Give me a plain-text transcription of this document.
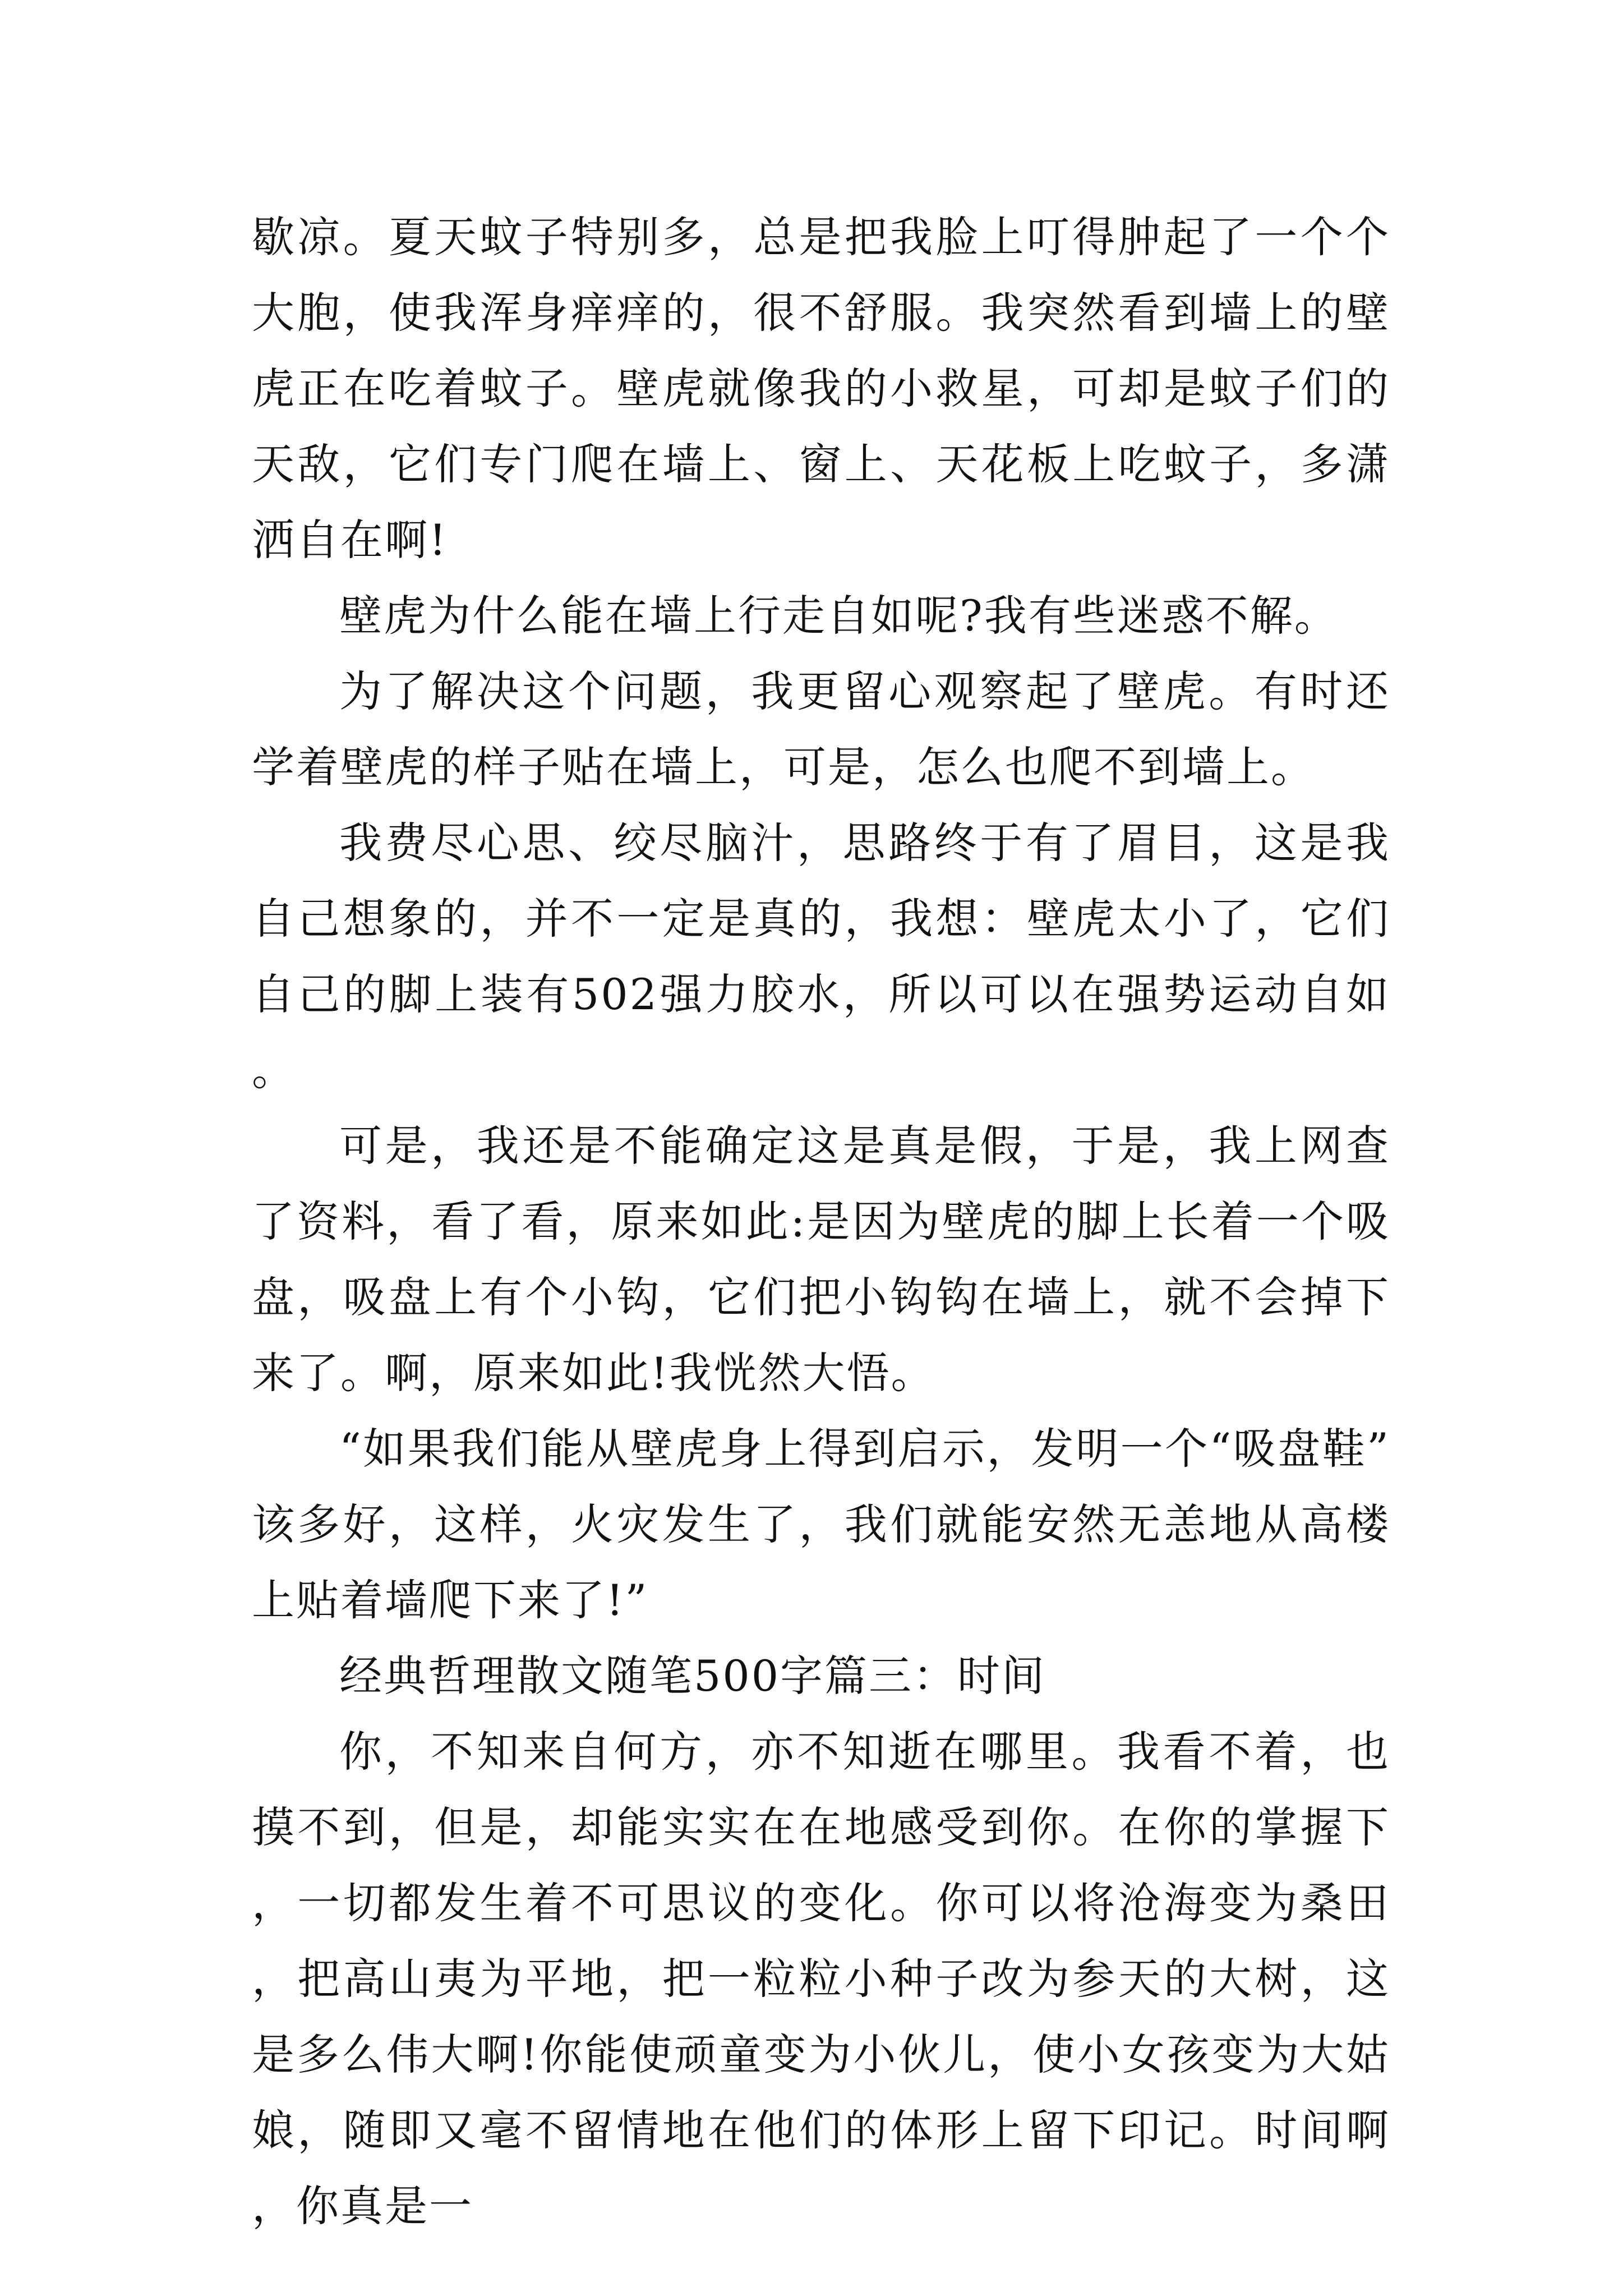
歇凉。夏天蚊子特别多，总是把我脸上叮得肿起了一个个大胞，使我浑身痒痒的，很不舒服。我突然看到墙上的壁虎正在吃着蚊子。壁虎就像我的小救星，可却是蚊子们的天敌，它们专门爬在墙上、窗上、天花板上吃蚊子，多潇洒自在啊!

壁虎为什么能在墙上行走自如呢?我有些迷惑不解。

为了解决这个问题，我更留心观察起了壁虎。有时还学着壁虎的样子贴在墙上，可是，怎么也爬不到墙上。

我费尽心思、绞尽脑汁，思路终于有了眉目，这是我自己想象的，并不一定是真的，我想：壁虎太小了，它们自己的脚上装有502强力胶水，所以可以在强势运动自如。

可是，我还是不能确定这是真是假，于是，我上网查了资料，看了看，原来如此:是因为壁虎的脚上长着一个吸盘，吸盘上有个小钩，它们把小钩钩在墙上，就不会掉下来了。啊，原来如此!我恍然大悟。

“如果我们能从壁虎身上得到启示，发明一个“吸盘鞋”该多好，这样，火灾发生了，我们就能安然无恙地从高楼上贴着墙爬下来了!”

经典哲理散文随笔500字篇三：时间

你，不知来自何方，亦不知逝在哪里。我看不着，也摸不到，但是，却能实实在在地感受到你。在你的掌握下，一切都发生着不可思议的变化。你可以将沧海变为桑田，把高山夷为平地，把一粒粒小种子改为参天的大树，这是多么伟大啊!你能使顽童变为小伙儿，使小女孩变为大姑娘，随即又毫不留情地在他们的体形上留下印记。时间啊，你真是一
